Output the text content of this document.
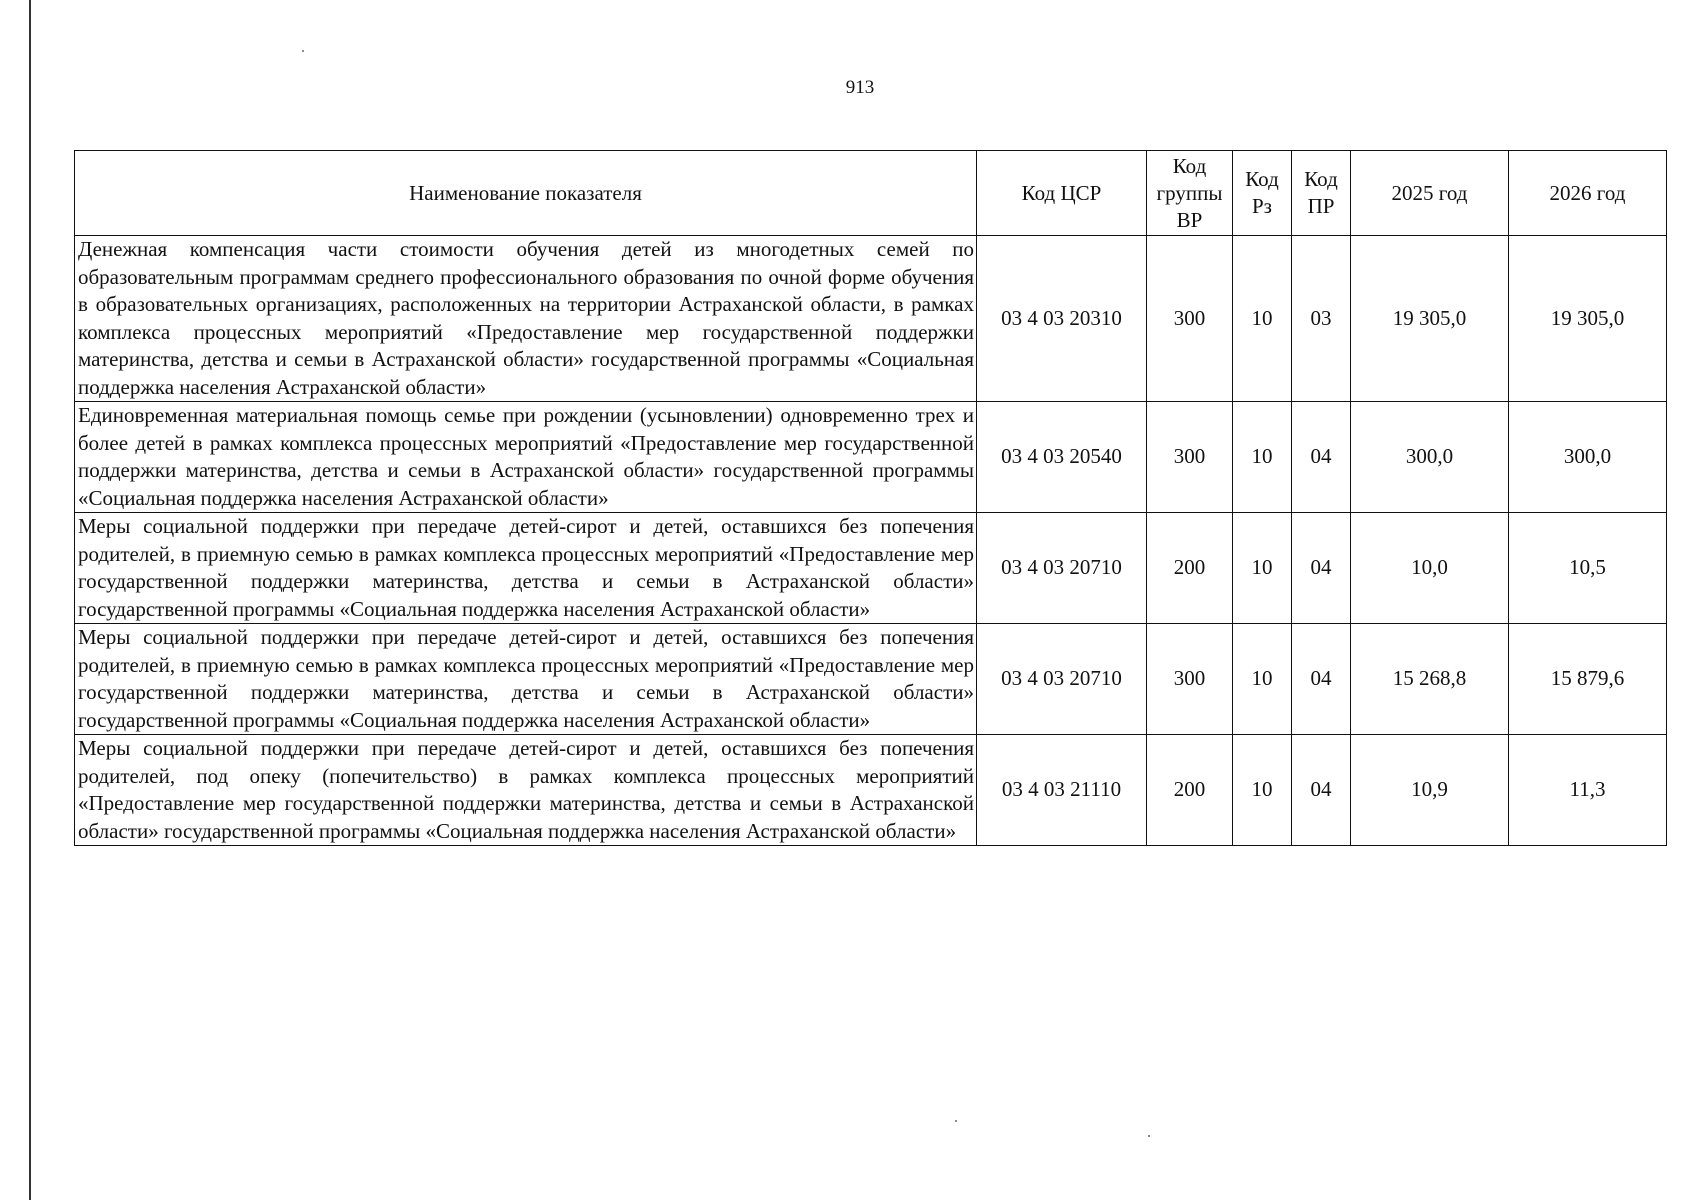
913
Наименование показателя	Код ЦСР	Код группы ВР	Код Рз	Код ПР	2025 год	2026 год
Денежная компенсация части стоимости обучения детей из многодетных семей по образовательным программам среднего профессионального образования по очной форме обучения в образовательных организациях, расположенных на территории Астраханской области, в рамках комплекса процессных мероприятий «Предоставление мер государственной поддержки материнства, детства и семьи в Астраханской области» государственной программы «Социальная поддержка населения Астраханской области»	03 4 03 20310	300	10	03	19 305,0	19 305,0
Единовременная материальная помощь семье при рождении (усыновлении) одновременно трех и более детей в рамках комплекса процессных мероприятий «Предоставление мер государственной поддержки материнства, детства и семьи в Астраханской области» государственной программы «Социальная поддержка населения Астраханской области»	03 4 03 20540	300	10	04	300,0	300,0
Меры социальной поддержки при передаче детей-сирот и детей, оставшихся без попечения родителей, в приемную семью в рамках комплекса процессных мероприятий «Предоставление мер государственной поддержки материнства, детства и семьи в Астраханской области» государственной программы «Социальная поддержка населения Астраханской области»	03 4 03 20710	200	10	04	10,0	10,5
Меры социальной поддержки при передаче детей-сирот и детей, оставшихся без попечения родителей, в приемную семью в рамках комплекса процессных мероприятий «Предоставление мер государственной поддержки материнства, детства и семьи в Астраханской области» государственной программы «Социальная поддержка населения Астраханской области»	03 4 03 20710	300	10	04	15 268,8	15 879,6
Меры социальной поддержки при передаче детей-сирот и детей, оставшихся без попечения родителей, под опеку (попечительство) в рамках комплекса процессных мероприятий «Предоставление мер государственной поддержки материнства, детства и семьи в Астраханской области» государственной программы «Социальная поддержка населения Астраханской области»	03 4 03 21110	200	10	04	10,9	11,3
